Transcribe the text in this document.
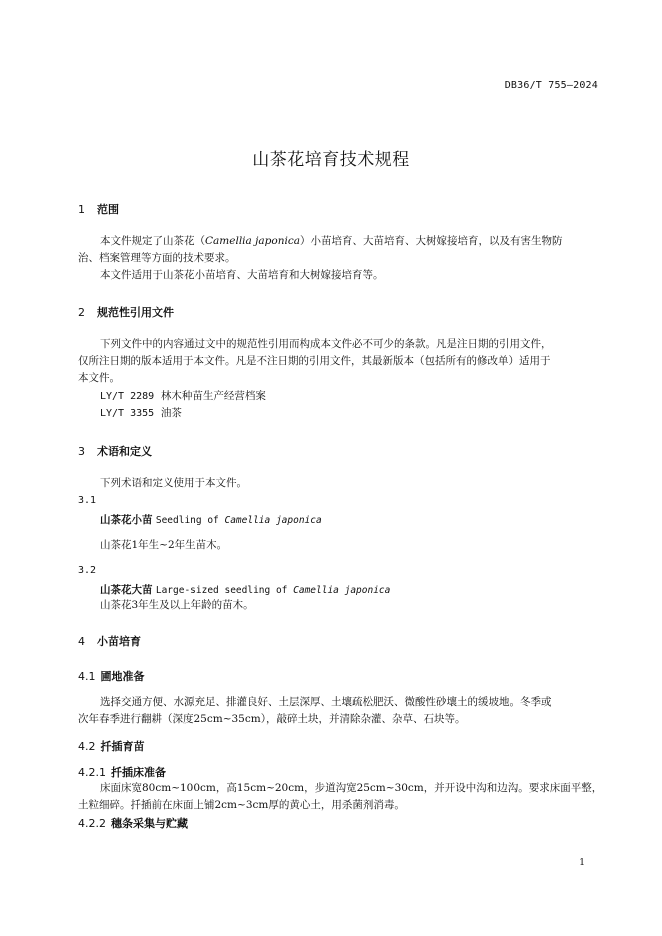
DB36/T 755—2024
山茶花培育技术规程
1 范围
本文件规定了山茶花（Camellia japonica）小苗培育、大苗培育、大树嫁接培育，以及有害生物防
治、档案管理等方面的技术要求。
本文件适用于山茶花小苗培育、大苗培育和大树嫁接培育等。
2 规范性引用文件
下列文件中的内容通过文中的规范性引用而构成本文件必不可少的条款。凡是注日期的引用文件，
仅所注日期的版本适用于本文件。凡是不注日期的引用文件，其最新版本（包括所有的修改单）适用于
本文件。
LY/T 2289 林木种苗生产经营档案
LY/T 3355 油茶
3 术语和定义
下列术语和定义使用于本文件。
3.1
山茶花小苗 Seedling of Camellia japonica
山茶花1年生~2年生苗木。
3.2
山茶花大苗 Large-sized seedling of Camellia japonica
山茶花3年生及以上年龄的苗木。
4 小苗培育
4.1 圃地准备
选择交通方便、水源充足、排灌良好、土层深厚、土壤疏松肥沃、微酸性砂壤土的缓坡地。冬季或
次年春季进行翻耕（深度25cm~35cm），敲碎土块，并清除杂灌、杂草、石块等。
4.2 扦插育苗
4.2.1 扦插床准备
床面床宽80cm~100cm，高15cm~20cm，步道沟宽25cm~30cm，并开设中沟和边沟。要求床面平整，
土粒细碎。扦插前在床面上铺2cm~3cm厚的黄心土，用杀菌剂消毒。
4.2.2 穗条采集与贮藏
1
